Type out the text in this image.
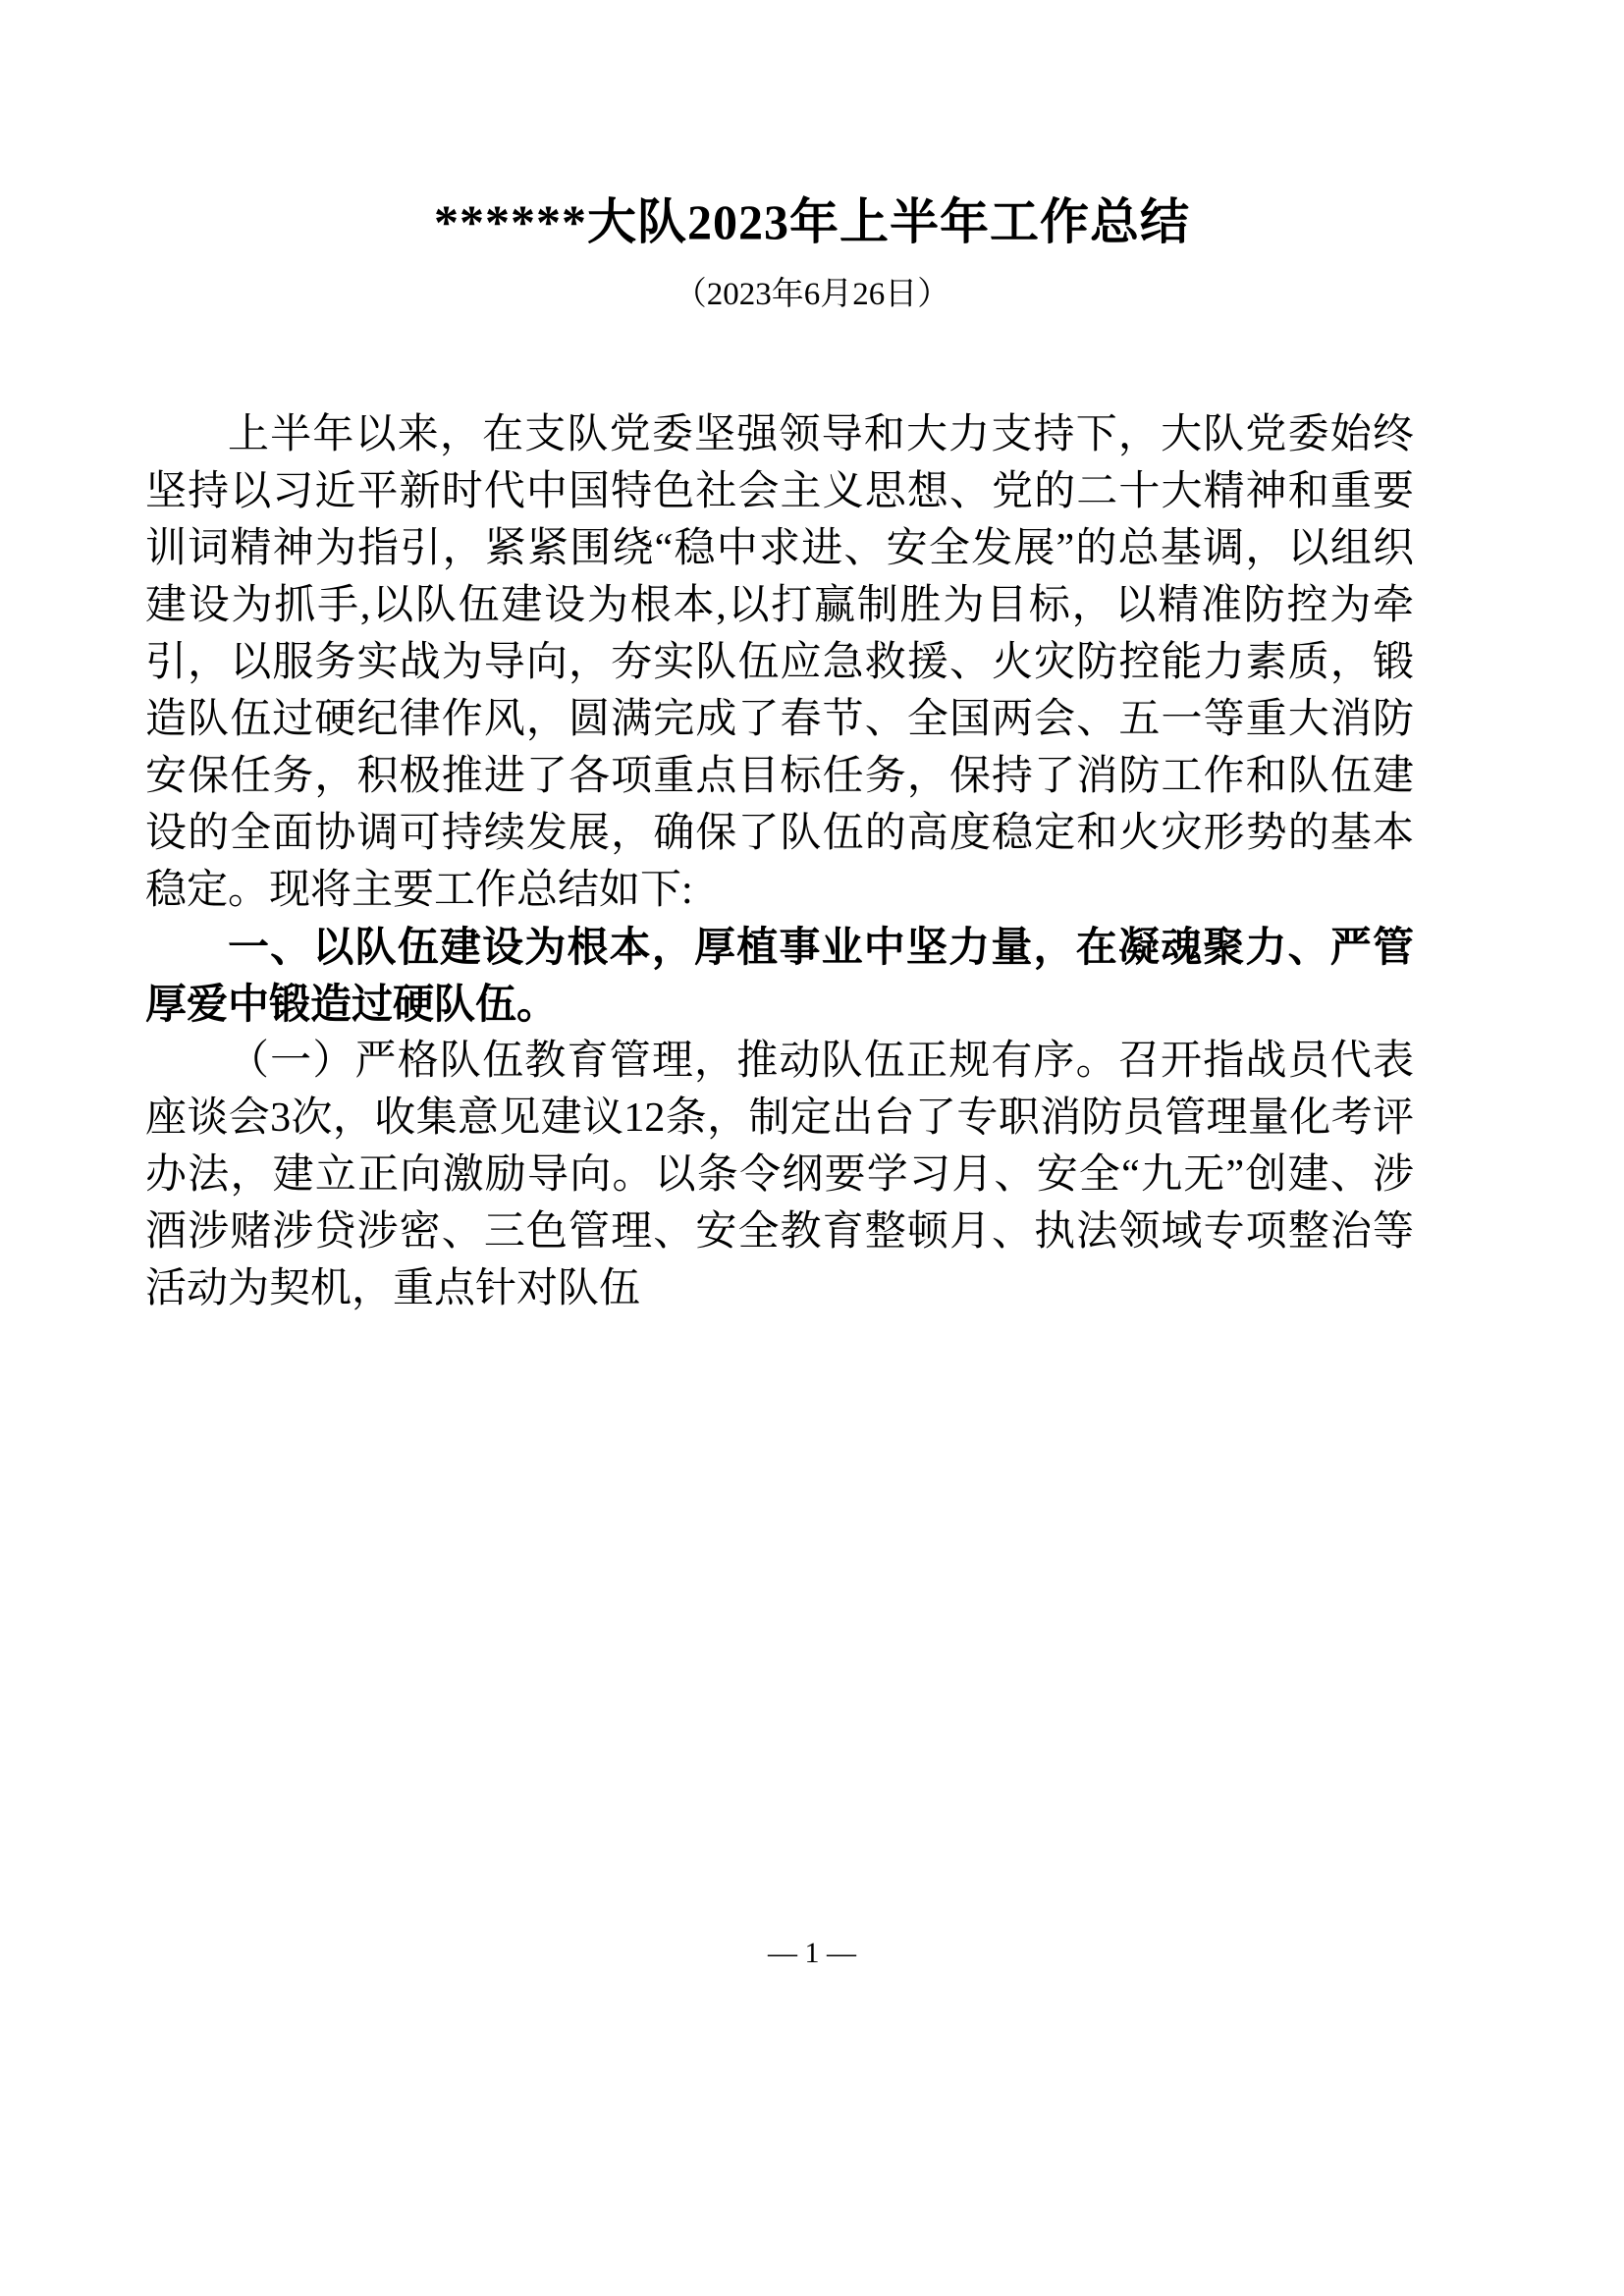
******大队2023年上半年工作总结
（2023年6月26日）

上半年以来，在支队党委坚强领导和大力支持下，大队党委始终坚持以习近平新时代中国特色社会主义思想、党的二十大精神和重要训词精神为指引，紧紧围绕“稳中求进、安全发展”的总基调，以组织建设为抓手,以队伍建设为根本,以打赢制胜为目标，以精准防控为牵引，以服务实战为导向，夯实队伍应急救援、火灾防控能力素质，锻造队伍过硬纪律作风，圆满完成了春节、全国两会、五一等重大消防安保任务，积极推进了各项重点目标任务，保持了消防工作和队伍建设的全面协调可持续发展，确保了队伍的高度稳定和火灾形势的基本稳定。现将主要工作总结如下:

一、以队伍建设为根本，厚植事业中坚力量，在凝魂聚力、严管厚爱中锻造过硬队伍。

（一）严格队伍教育管理，推动队伍正规有序。召开指战员代表座谈会3次，收集意见建议12条，制定出台了专职消防员管理量化考评办法，建立正向激励导向。以条令纲要学习月、安全“九无”创建、涉酒涉赌涉贷涉密、三色管理、安全教育整顿月、执法领域专项整治等活动为契机，重点针对队伍

— 1 —
